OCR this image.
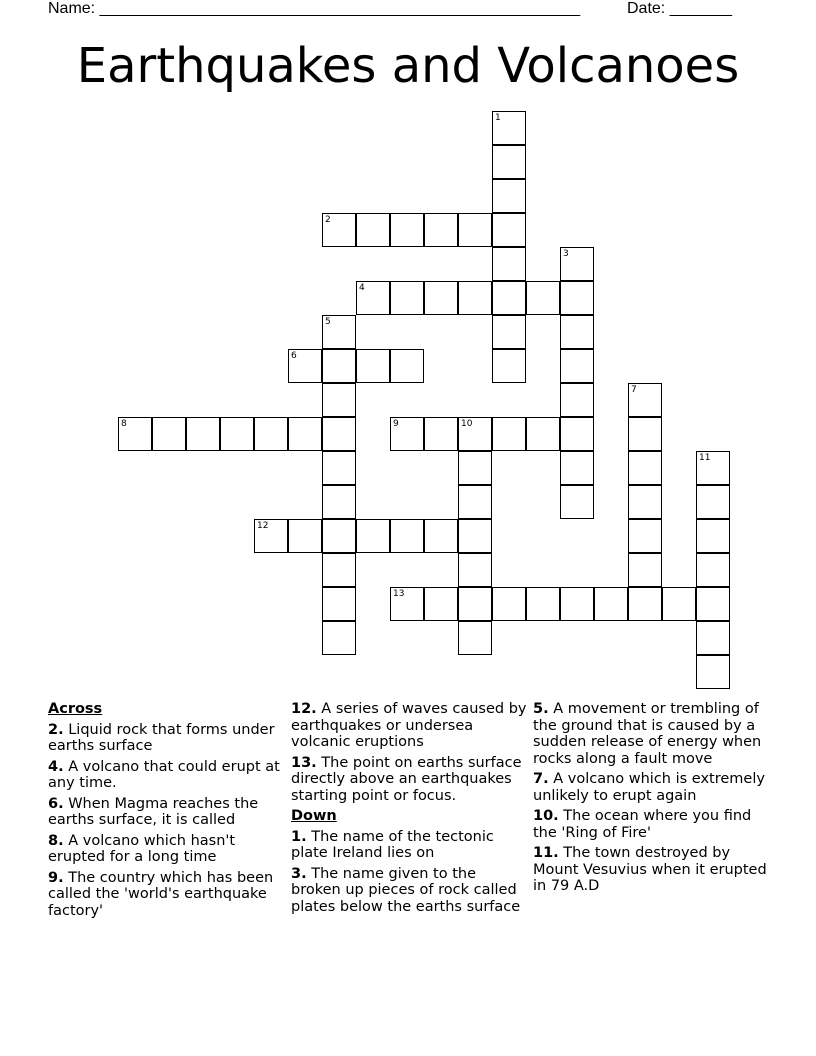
Name: ______________________________________________________	Date: _______
Earthquakes and Volcanoes
1
2
3
4
5
6
7
8	9	10
11
12
13
Across
2. Liquid rock that forms under earths surface
4. A volcano that could erupt at any time.
6. When Magma reaches the earths surface, it is called
8. A volcano which hasn't erupted for a long time
9. The country which has been called the 'world's earthquake factory'
12. A series of waves caused by earthquakes or undersea volcanic eruptions
13. The point on earths surface directly above an earthquakes starting point or focus.
Down
1. The name of the tectonic plate Ireland lies on
3. The name given to the broken up pieces of rock called plates below the earths surface
5. A movement or trembling of the ground that is caused by a sudden release of energy when rocks along a fault move
7. A volcano which is extremely unlikely to erupt again
10. The ocean where you find the 'Ring of Fire'
11. The town destroyed by Mount Vesuvius when it erupted in 79 A.D
